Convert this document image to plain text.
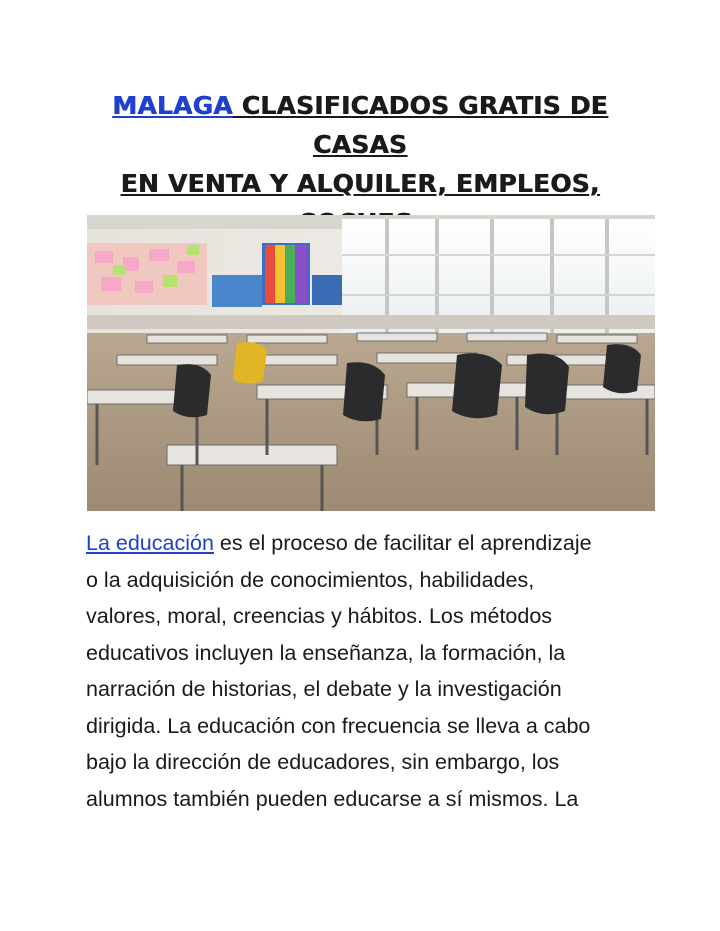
MALAGA CLASIFICADOS GRATIS DE CASAS
EN VENTA Y ALQUILER, EMPLEOS,

La educación es el proceso de facilitar el aprendizaje
o la adquisición de conocimientos, habilidades,
valores, moral, creencias y hábitos. Los métodos
educativos incluyen la enseñanza, la formación, la
narración de historias, el debate y la investigación
dirigida. La educación con frecuencia se lleva a cabo
bajo la dirección de educadores, sin embargo, los
alumnos también pueden educarse a sí mismos. La
